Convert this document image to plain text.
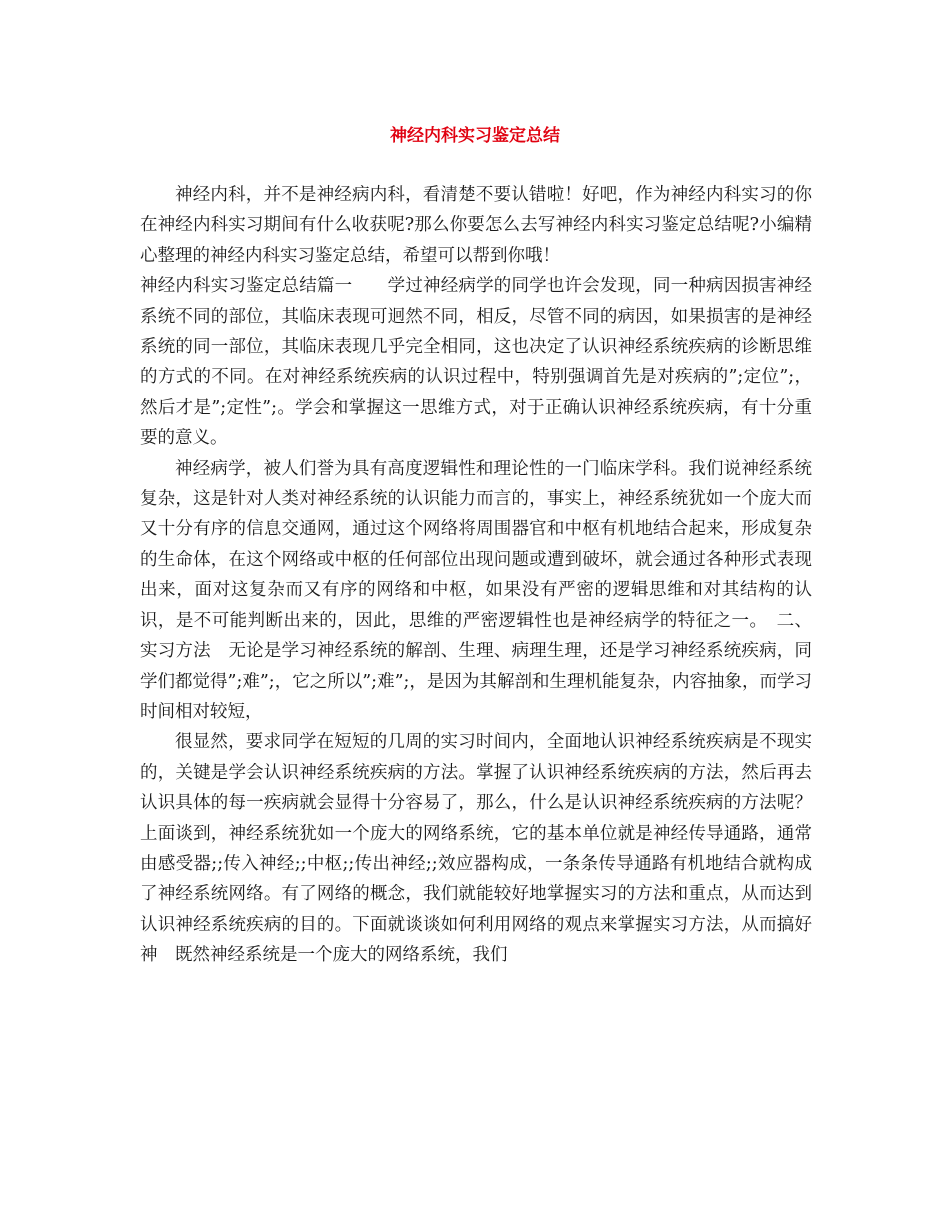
神经内科实习鉴定总结

神经内科，并不是神经病内科，看清楚不要认错啦！好吧，作为神经内科实习的你在神经内科实习期间有什么收获呢?那么你要怎么去写神经内科实习鉴定总结呢?小编精心整理的神经内科实习鉴定总结，希望可以帮到你哦！

神经内科实习鉴定总结篇一　　学过神经病学的同学也许会发现，同一种病因损害神经系统不同的部位，其临床表现可迥然不同，相反，尽管不同的病因，如果损害的是神经系统的同一部位，其临床表现几乎完全相同，这也决定了认识神经系统疾病的诊断思维的方式的不同。在对神经系统疾病的认识过程中，特别强调首先是对疾病的”;定位”;，然后才是”;定性”;。学会和掌握这一思维方式，对于正确认识神经系统疾病，有十分重要的意义。

神经病学，被人们誉为具有高度逻辑性和理论性的一门临床学科。我们说神经系统复杂，这是针对人类对神经系统的认识能力而言的，事实上，神经系统犹如一个庞大而又十分有序的信息交通网，通过这个网络将周围器官和中枢有机地结合起来，形成复杂的生命体，在这个网络或中枢的任何部位出现问题或遭到破坏，就会通过各种形式表现出来，面对这复杂而又有序的网络和中枢，如果没有严密的逻辑思维和对其结构的认识，是不可能判断出来的，因此，思维的严密逻辑性也是神经病学的特征之一。　二、实习方法　无论是学习神经系统的解剖、生理、病理生理，还是学习神经系统疾病，同学们都觉得”;难”;，它之所以”;难”;，是因为其解剖和生理机能复杂，内容抽象，而学习时间相对较短，

很显然，要求同学在短短的几周的实习时间内，全面地认识神经系统疾病是不现实的，关键是学会认识神经系统疾病的方法。掌握了认识神经系统疾病的方法，然后再去认识具体的每一疾病就会显得十分容易了，那么，什么是认识神经系统疾病的方法呢？上面谈到，神经系统犹如一个庞大的网络系统，它的基本单位就是神经传导通路，通常由感受器;;传入神经;;中枢;;传出神经;;效应器构成，一条条传导通路有机地结合就构成了神经系统网络。有了网络的概念，我们就能较好地掌握实习的方法和重点，从而达到认识神经系统疾病的目的。下面就谈谈如何利用网络的观点来掌握实习方法，从而搞好神　既然神经系统是一个庞大的网络系统，我们
